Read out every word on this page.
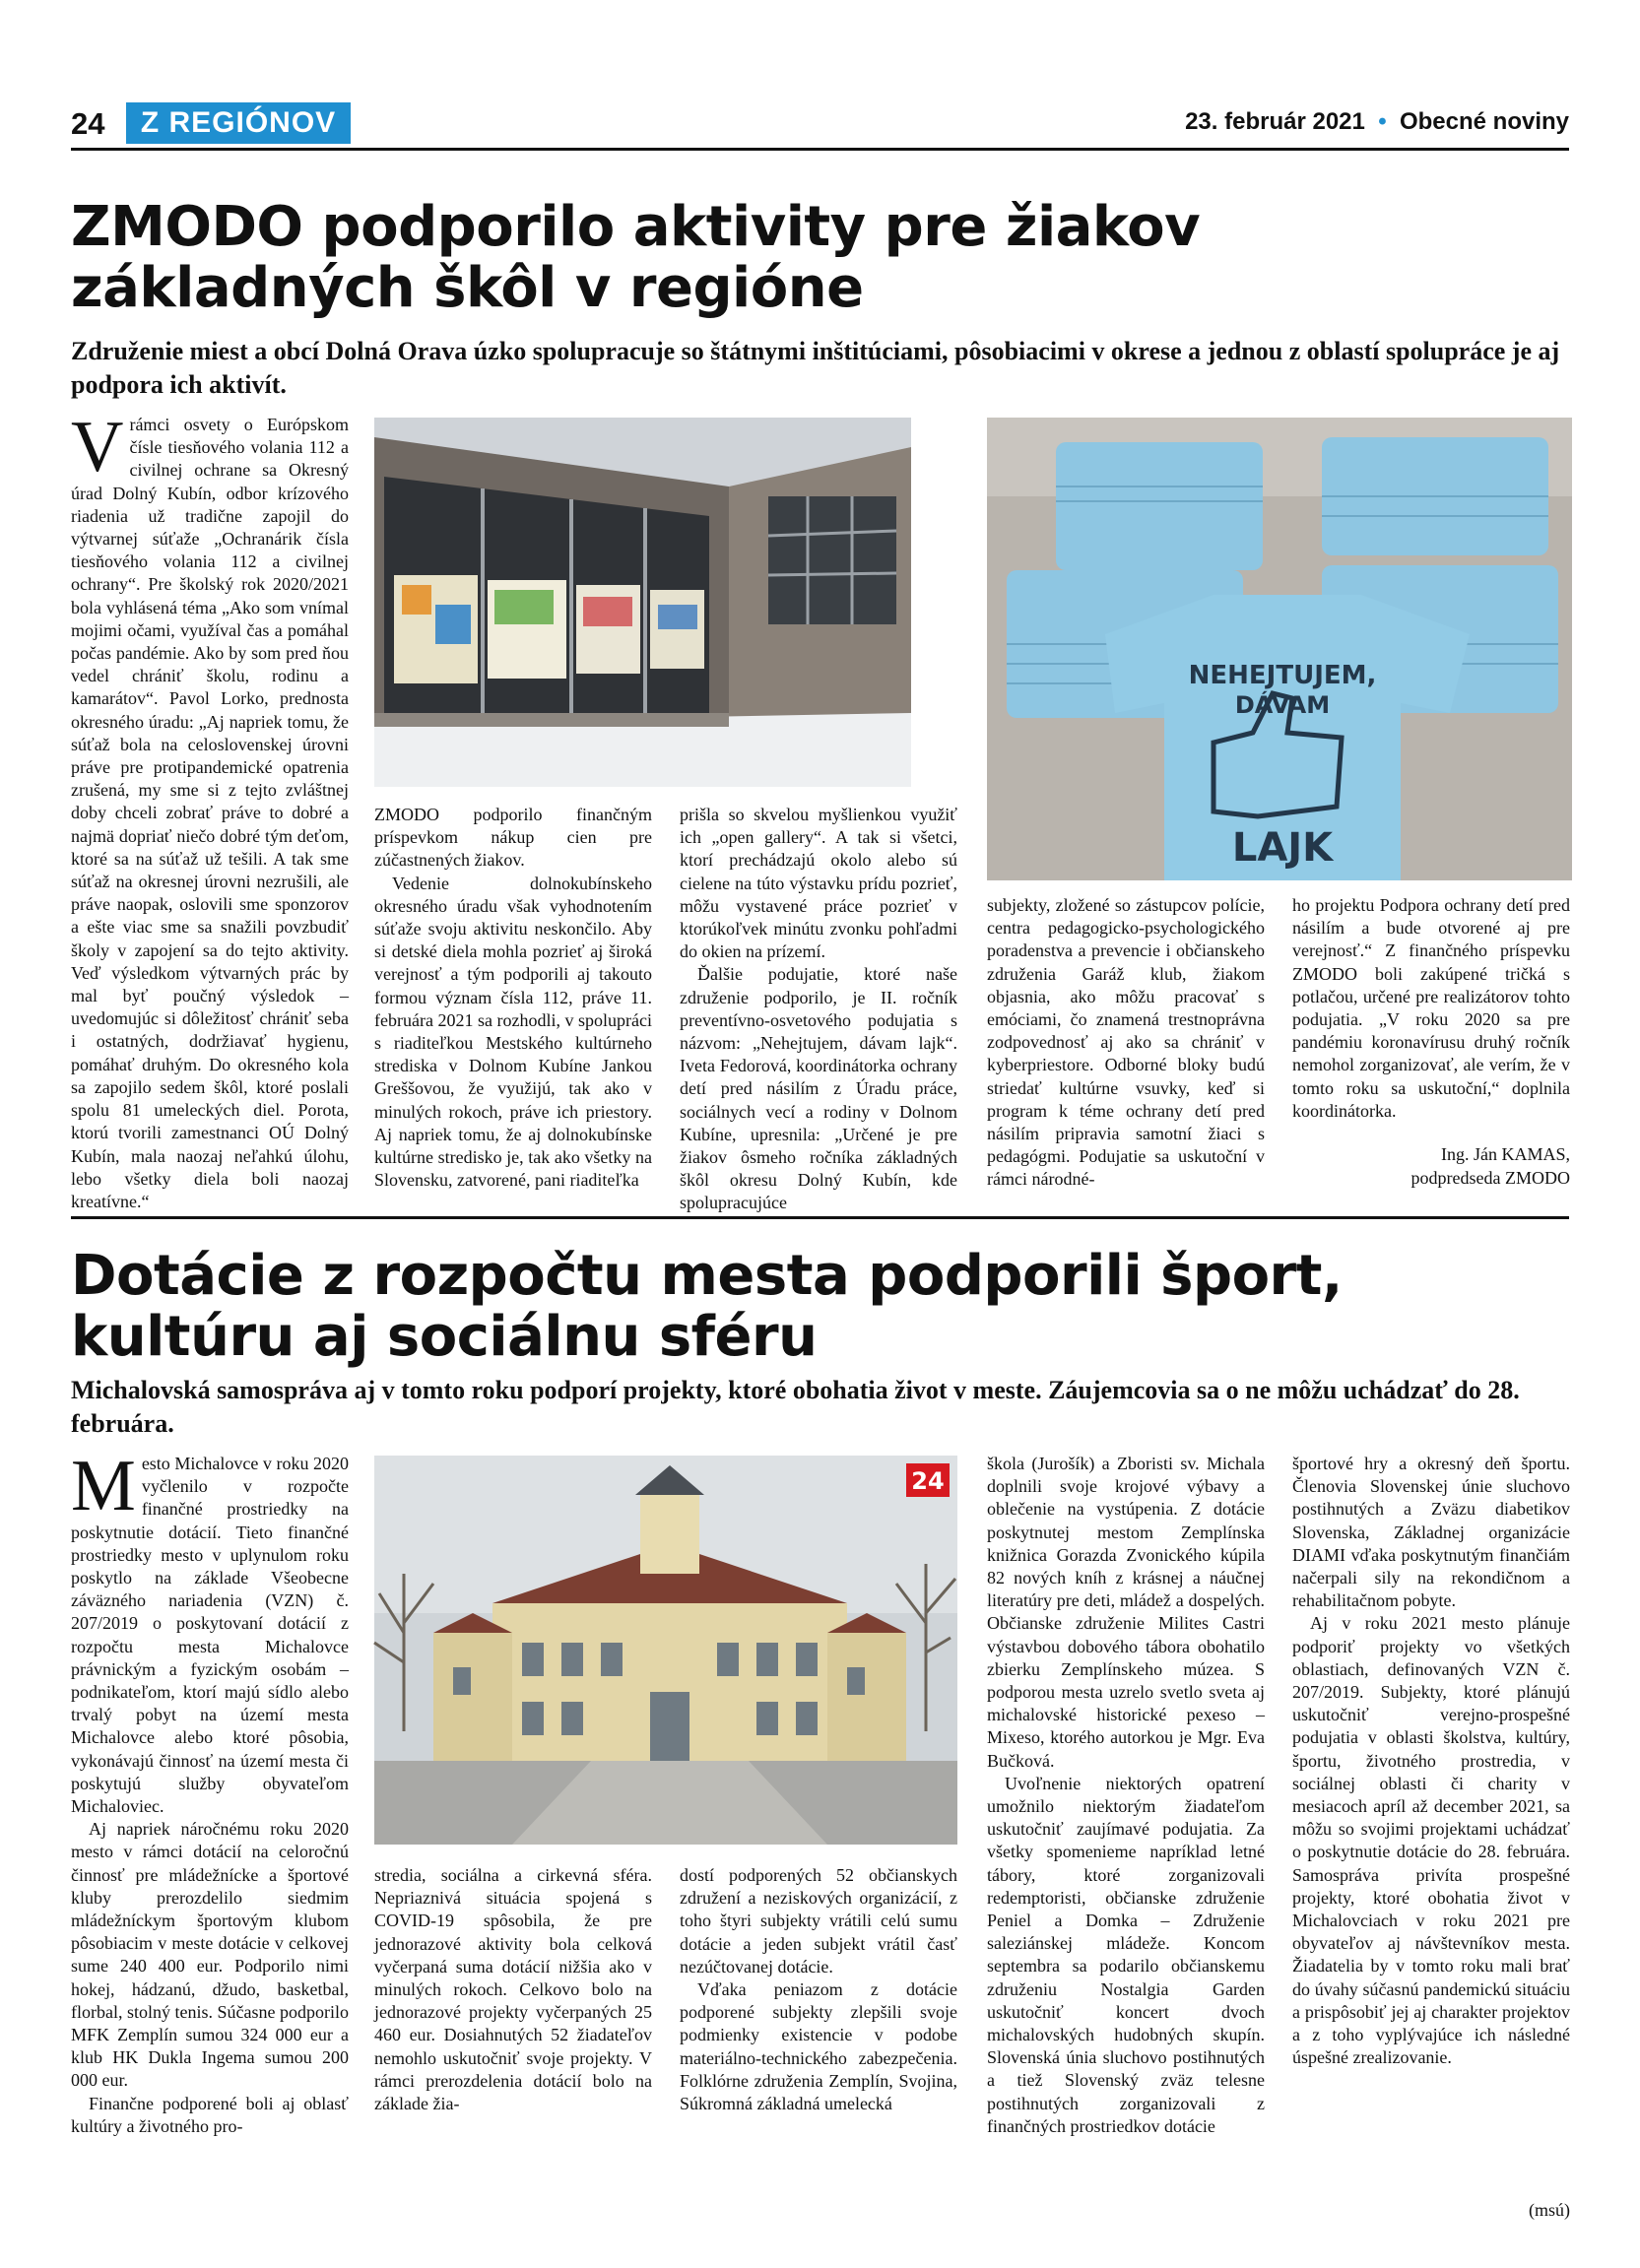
24	Z REGIÓNOV	23. február 2021  •  Obecné noviny
ZMODO podporilo aktivity pre žiakov základných škôl v regióne

Združenie miest a obcí Dolná Orava úzko spolupracuje so štátnymi inštitúciami, pôsobiacimi v okrese a jednou z oblastí spolupráce je aj podpora ich aktivít.

Vrámci osvety o Európskom čísle tiesňového volania 112 a civilnej ochrane sa Okresný úrad Dolný Kubín, odbor krízového riadenia už tradične zapojil do výtvarnej súťaže „Ochranárik čísla tiesňového volania 112 a civilnej ochrany“. Pre školský rok 2020/2021 bola vyhlásená téma „Ako som vnímal mojimi očami, využíval čas a pomáhal počas pandémie. Ako by som pred ňou vedel chrániť školu, rodinu a kamarátov“. Pavol Lorko, prednosta okresného úradu: „Aj napriek tomu, že súťaž bola na celoslovenskej úrovni práve pre protipandemické opatrenia zrušená, my sme si z tejto zvláštnej doby chceli zobrať práve to dobré a najmä dopriať niečo dobré tým deťom, ktoré sa na súťaž už tešili. A tak sme súťaž na okresnej úrovni nezrušili, ale práve naopak, oslovili sme sponzorov a ešte viac sme sa snažili povzbudiť školy v zapojení sa do tejto aktivity. Veď výsledkom výtvarných prác by mal byť poučný výsledok – uvedomujúc si dôležitosť chrániť seba i ostatných, dodržiavať hygienu, pomáhať druhým. Do okresného kola sa zapojilo sedem škôl, ktoré poslali spolu 81 umeleckých diel. Porota, ktorú tvorili zamestnanci OÚ Dolný Kubín, mala naozaj neľahkú úlohu, lebo všetky diela boli naozaj kreatívne.“

NEHEJTUJEM,
DÁVAM
LAJK

ZMODO podporilo finančným príspevkom nákup cien pre zúčastnených žiakov.

Vedenie dolnokubínskeho okresného úradu však vyhodnotením súťaže svoju aktivitu neskončilo. Aby si detské diela mohla pozrieť aj široká verejnosť a tým podporili aj takouto formou význam čísla 112, práve 11. februára 2021 sa rozhodli, v spolupráci s riaditeľkou Mestského kultúrneho strediska v Dolnom Kubíne Jankou Greššovou, že využijú, tak ako v minulých rokoch, práve ich priestory. Aj napriek tomu, že aj dolnokubínske kultúrne stredisko je, tak ako všetky na Slovensku, zatvorené, pani riaditeľka

prišla so skvelou myšlienkou využiť ich „open gallery“. A tak si všetci, ktorí prechádzajú okolo alebo sú cielene na túto výstavku prídu pozrieť, môžu vystavené práce pozrieť v ktorúkoľvek minútu zvonku pohľadmi do okien na prízemí.

Ďalšie podujatie, ktoré naše združenie podporilo, je II. ročník preventívno-osvetového podujatia s názvom: „Nehejtujem, dávam lajk“. Iveta Fedorová, koordinátorka ochrany detí pred násilím z Úradu práce, sociálnych vecí a rodiny v Dolnom Kubíne, upresnila: „Určené je pre žiakov ôsmeho ročníka základných škôl okresu Dolný Kubín, kde spolupracujúce

subjekty, zložené so zástupcov polície, centra pedagogicko-psychologického poradenstva a prevencie i občianskeho združenia Garáž klub, žiakom objasnia, ako môžu pracovať s emóciami, čo znamená trestnoprávna zodpovednosť aj ako sa chrániť v kyberpriestore. Odborné bloky budú striedať kultúrne vsuvky, keď si program k téme ochrany detí pred násilím pripravia samotní žiaci s pedagógmi. Podujatie sa uskutoční v rámci národné-

ho projektu Podpora ochrany detí pred násilím a bude otvorené aj pre verejnosť.“ Z finančného príspevku ZMODO boli zakúpené tričká s potlačou, určené pre realizátorov tohto podujatia. „V roku 2020 sa pre pandémiu koronavírusu druhý ročník nemohol zorganizovať, ale verím, že v tomto roku sa uskutoční,“ doplnila koordinátorka.

Ing. Ján KAMAS,
podpredseda ZMODO
Dotácie z rozpočtu mesta podporili šport, kultúru aj sociálnu sféru

Michalovská samospráva aj v tomto roku podporí projekty, ktoré obohatia život v meste. Záujemcovia sa o ne môžu uchádzať do 28. februára.

Mesto Michalovce v roku 2020 vyčlenilo v rozpočte finančné prostriedky na poskytnutie dotácií. Tieto finančné prostriedky mesto v uplynulom roku poskytlo na základe Všeobecne záväzného nariadenia (VZN) č. 207/2019 o poskytovaní dotácií z rozpočtu mesta Michalovce právnickým a fyzickým osobám – podnikateľom, ktorí majú sídlo alebo trvalý pobyt na území mesta Michalovce alebo ktoré pôsobia, vykonávajú činnosť na území mesta či poskytujú služby obyvateľom Michaloviec.

Aj napriek náročnému roku 2020 mesto v rámci dotácií na celoročnú činnosť pre mládežnícke a športové kluby prerozdelilo siedmim mládežníckym športovým klubom pôsobiacim v meste dotácie v celkovej sume 240 400 eur. Podporilo nimi hokej, hádzanú, džudo, basketbal, florbal, stolný tenis. Súčasne podporilo MFK Zemplín sumou 324 000 eur a klub HK Dukla Ingema sumou 200 000 eur.

Finančne podporené boli aj oblasť kultúry a životného pro-

24

stredia, sociálna a cirkevná sféra. Nepriaznivá situácia spojená s COVID-19 spôsobila, že pre jednorazové aktivity bola celková vyčerpaná suma dotácií nižšia ako v minulých rokoch. Celkovo bolo na jednorazové projekty vyčerpaných 25 460 eur. Dosiahnutých 52 žiadateľov nemohlo uskutočniť svoje projekty. V rámci prerozdelenia dotácií bolo na základe žia-

dostí podporených 52 občianskych združení a neziskových organizácií, z toho štyri subjekty vrátili celú sumu dotácie a jeden subjekt vrátil časť nezúčtovanej dotácie.

Vďaka peniazom z dotácie podporené subjekty zlepšili svoje podmienky existencie v podobe materiálno-technického zabezpečenia. Folklórne združenia Zemplín, Svojina, Súkromná základná umelecká

škola (Jurošík) a Zboristi sv. Michala doplnili svoje krojové výbavy a oblečenie na vystúpenia. Z dotácie poskytnutej mestom Zemplínska knižnica Gorazda Zvonického kúpila 82 nových kníh z krásnej a náučnej literatúry pre deti, mládež a dospelých. Občianske združenie Milites Castri výstavbou dobového tábora obohatilo zbierku Zemplínskeho múzea. S podporou mesta uzrelo svetlo sveta aj michalovské historické pexeso – Mixeso, ktorého autorkou je Mgr. Eva Bučková.

Uvoľnenie niektorých opatrení umožnilo niektorým žiadateľom uskutočniť zaujímavé podujatia. Za všetky spomenieme napríklad letné tábory, ktoré zorganizovali redemptoristi, občianske združenie Peniel a Domka – Združenie saleziánskej mládeže. Koncom septembra sa podarilo občianskemu združeniu Nostalgia Garden uskutočniť koncert dvoch michalovských hudobných skupín. Slovenská únia sluchovo postihnutých a tiež Slovenský zväz telesne postihnutých zorganizovali z finančných prostriedkov dotácie

športové hry a okresný deň športu. Členovia Slovenskej únie sluchovo postihnutých a Zväzu diabetikov Slovenska, Základnej organizácie DIAMI vďaka poskytnutým finančiám načerpali sily na rekondičnom a rehabilitačnom pobyte.

Aj v roku 2021 mesto plánuje podporiť projekty vo všetkých oblastiach, definovaných VZN č. 207/2019. Subjekty, ktoré plánujú uskutočniť verejno-prospešné podujatia v oblasti školstva, kultúry, športu, životného prostredia, v sociálnej oblasti či charity v mesiacoch apríl až december 2021, sa môžu so svojimi projektami uchádzať o poskytnutie dotácie do 28. februára. Samospráva privíta prospešné projekty, ktoré obohatia život v Michalovciach v roku 2021 pre obyvateľov aj návštevníkov mesta. Žiadatelia by v tomto roku mali brať do úvahy súčasnú pandemickú situáciu a prispôsobiť jej aj charakter projektov a z toho vyplývajúce ich následné úspešné zrealizovanie.

(msú)
